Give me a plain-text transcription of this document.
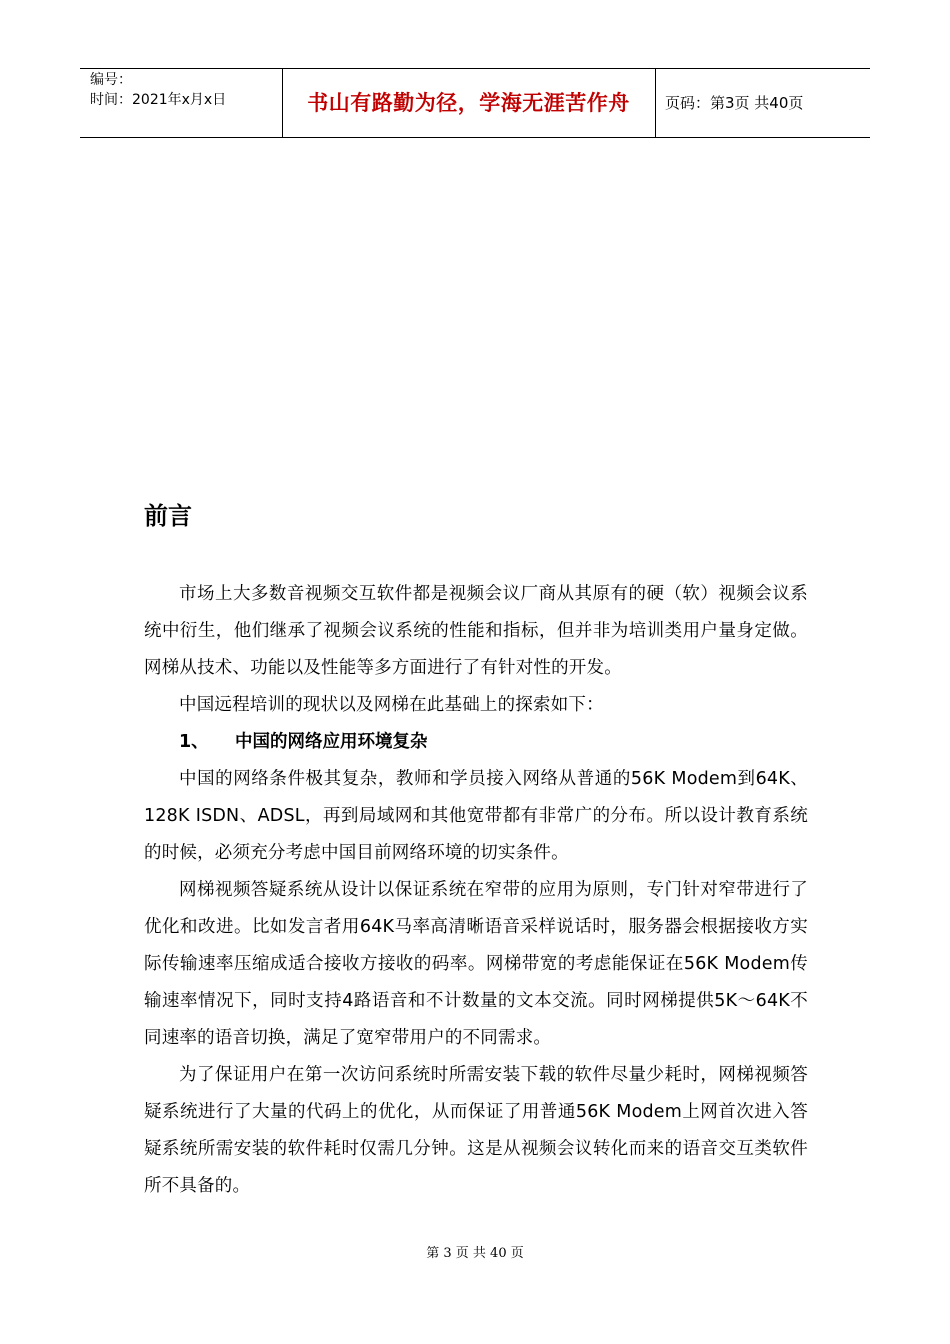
编号：
时间：2021年x月x日	书山有路勤为径，学海无涯苦作舟	页码：第3页 共40页
前言

市场上大多数音视频交互软件都是视频会议厂商从其原有的硬（软）视频会议系统中衍生，他们继承了视频会议系统的性能和指标，但并非为培训类用户量身定做。网梯从技术、功能以及性能等多方面进行了有针对性的开发。

中国远程培训的现状以及网梯在此基础上的探索如下：

1、 中国的网络应用环境复杂

中国的网络条件极其复杂，教师和学员接入网络从普通的56K Modem到64K、128K ISDN、ADSL，再到局域网和其他宽带都有非常广的分布。所以设计教育系统的时候，必须充分考虑中国目前网络环境的切实条件。

网梯视频答疑系统从设计以保证系统在窄带的应用为原则，专门针对窄带进行了优化和改进。比如发言者用64K马率高清晰语音采样说话时，服务器会根据接收方实际传输速率压缩成适合接收方接收的码率。网梯带宽的考虑能保证在56K Modem传输速率情况下，同时支持4路语音和不计数量的文本交流。同时网梯提供5K～64K不同速率的语音切换，满足了宽窄带用户的不同需求。

为了保证用户在第一次访问系统时所需安装下载的软件尽量少耗时，网梯视频答疑系统进行了大量的代码上的优化，从而保证了用普通56K Modem上网首次进入答疑系统所需安装的软件耗时仅需几分钟。这是从视频会议转化而来的语音交互类软件所不具备的。

第 3 页 共 40 页
